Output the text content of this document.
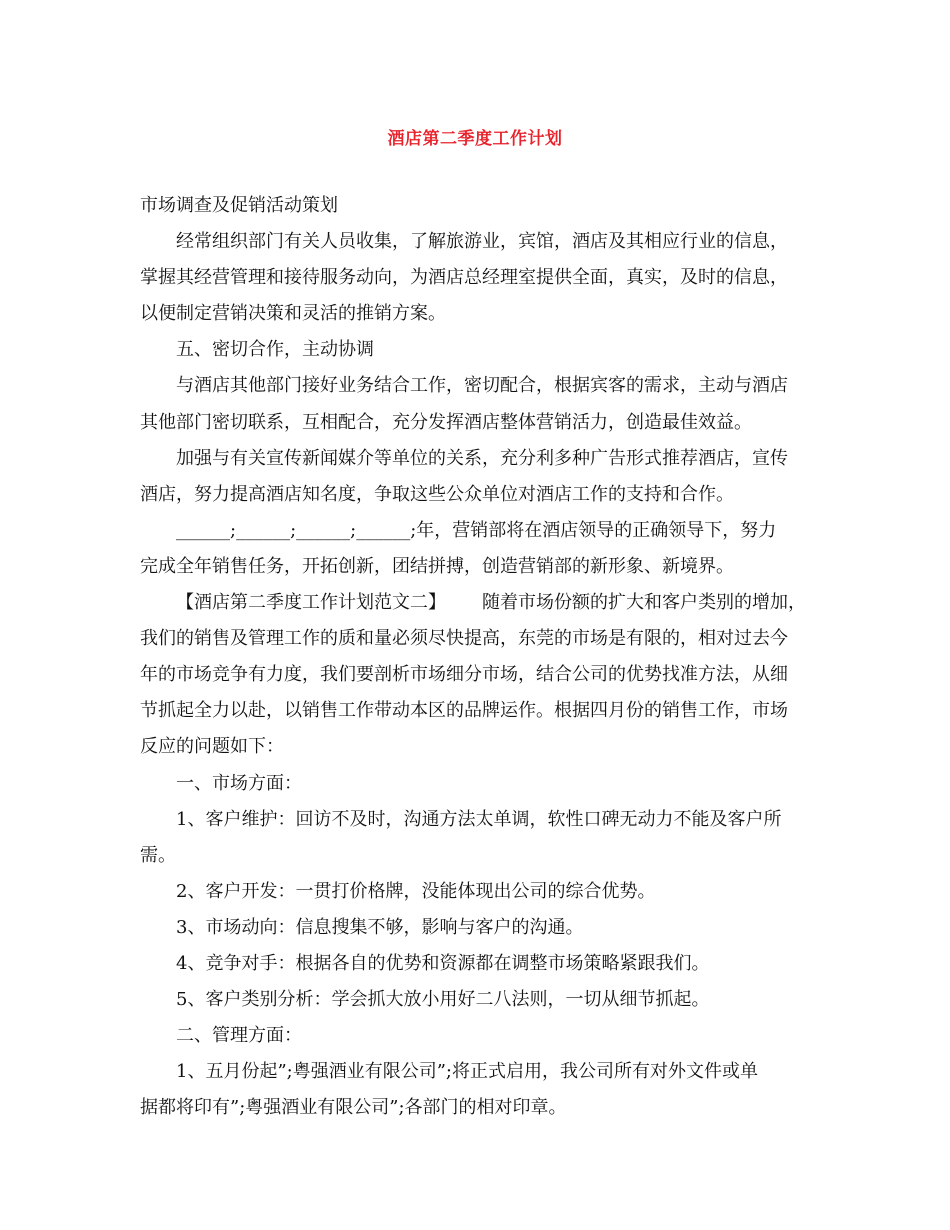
酒店第二季度工作计划
市场调查及促销活动策划
经常组织部门有关人员收集，了解旅游业，宾馆，酒店及其相应行业的信息，
掌握其经营管理和接待服务动向，为酒店总经理室提供全面，真实，及时的信息，
以便制定营销决策和灵活的推销方案。
五、密切合作，主动协调
与酒店其他部门接好业务结合工作，密切配合，根据宾客的需求，主动与酒店
其他部门密切联系，互相配合，充分发挥酒店整体营销活力，创造最佳效益。
加强与有关宣传新闻媒介等单位的关系，充分利多种广告形式推荐酒店，宣传
酒店，努力提高酒店知名度，争取这些公众单位对酒店工作的支持和合作。
______;______;______;______;年，营销部将在酒店领导的正确领导下，努力
完成全年销售任务，开拓创新，团结拼搏，创造营销部的新形象、新境界。
【酒店第二季度工作计划范文二】 随着市场份额的扩大和客户类别的增加，
我们的销售及管理工作的质和量必须尽快提高，东莞的市场是有限的，相对过去今
年的市场竞争有力度，我们要剖析市场细分市场，结合公司的优势找准方法，从细
节抓起全力以赴，以销售工作带动本区的品牌运作。根据四月份的销售工作，市场
反应的问题如下：
一、市场方面：
1、客户维护：回访不及时，沟通方法太单调，软性口碑无动力不能及客户所
需。
2、客户开发：一贯打价格牌，没能体现出公司的综合优势。
3、市场动向：信息搜集不够，影响与客户的沟通。
4、竞争对手：根据各自的优势和资源都在调整市场策略紧跟我们。
5、客户类别分析：学会抓大放小用好二八法则，一切从细节抓起。
二、管理方面：
1、五月份起”;粤强酒业有限公司”;将正式启用，我公司所有对外文件或单
据都将印有”;粤强酒业有限公司”;各部门的相对印章。
